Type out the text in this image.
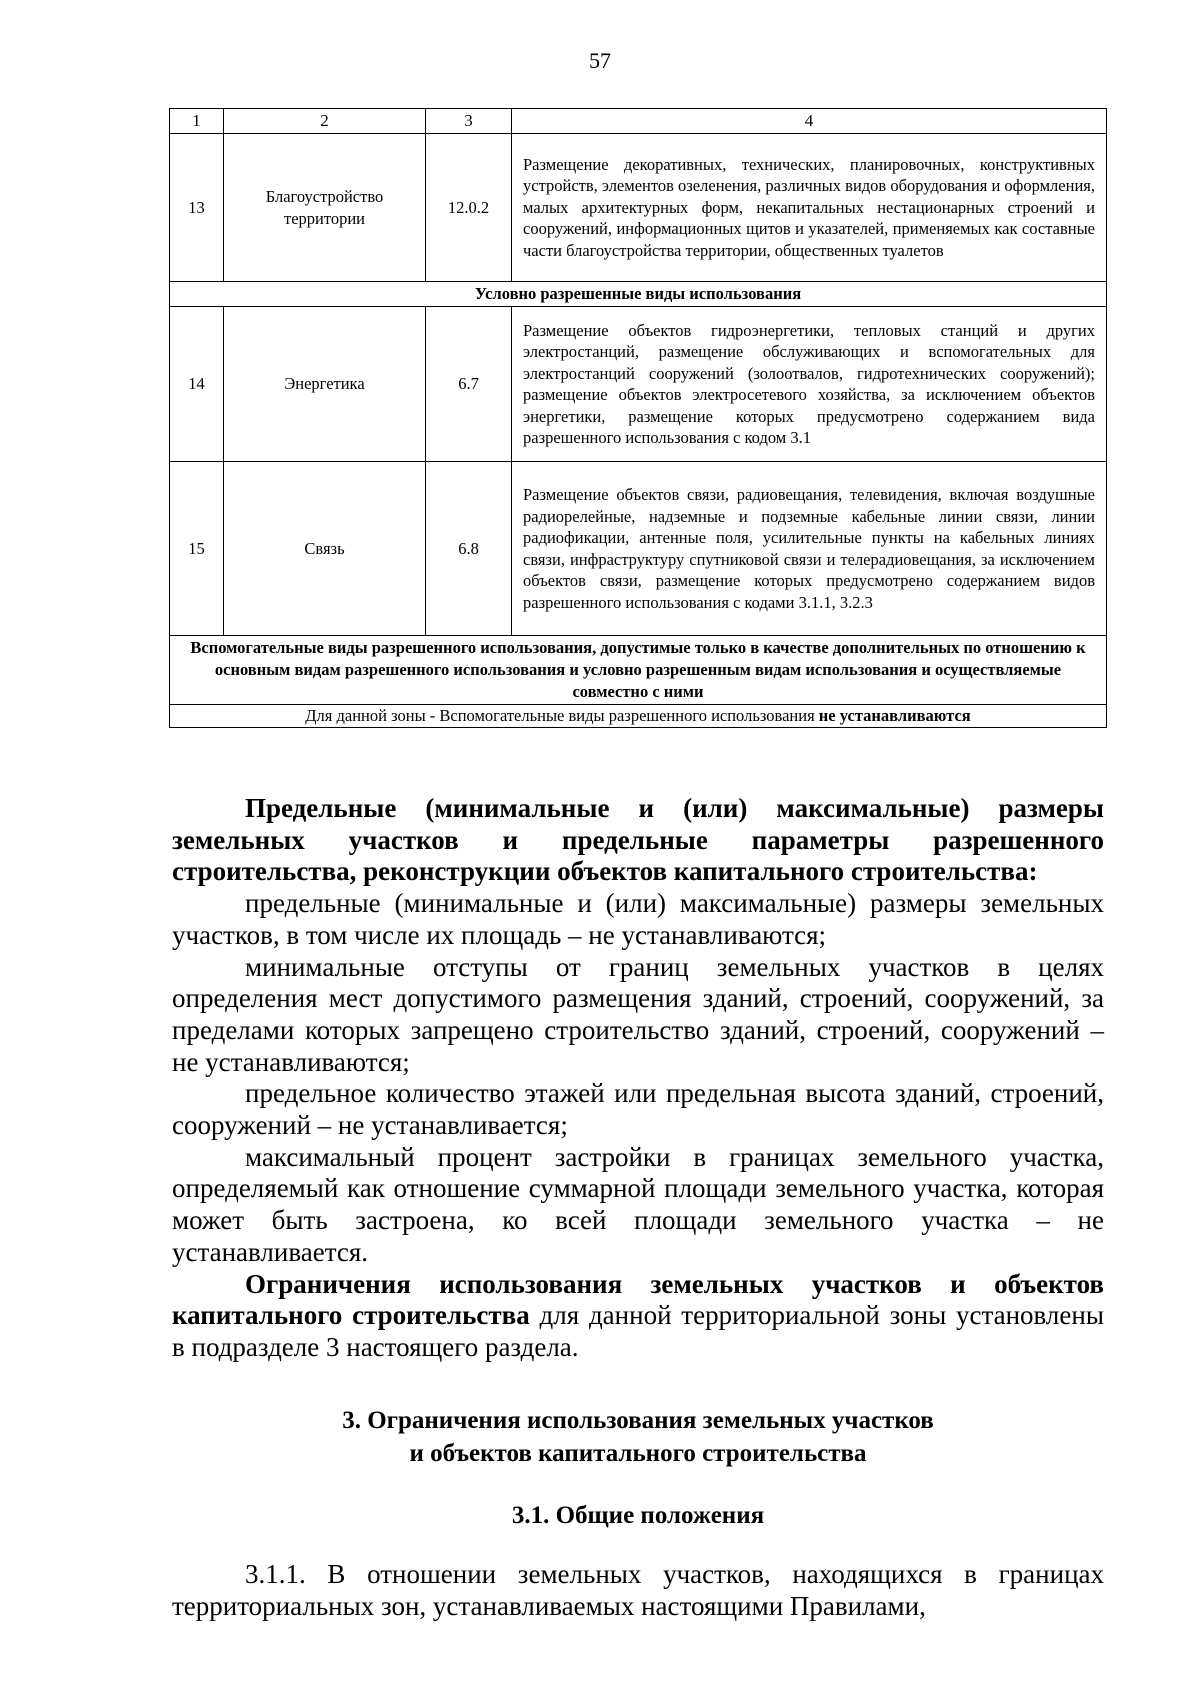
57
1	2	3	4
13	Благоустройство территории	12.0.2	Размещение декоративных, технических, планировочных, конструктивных устройств, элементов озеленения, различных видов оборудования и оформления, малых архитектурных форм, некапитальных нестационарных строений и сооружений, информационных щитов и указателей, применяемых как составные части благоустройства территории, общественных туалетов
Условно разрешенные виды использования			
14	Энергетика	6.7	Размещение объектов гидроэнергетики, тепловых станций и других электростанций, размещение обслуживающих и вспомогательных для электростанций сооружений (золоотвалов, гидротехнических сооружений); размещение объектов электросетевого хозяйства, за исключением объектов энергетики, размещение которых предусмотрено содержанием вида разрешенного использования с кодом 3.1
15	Связь	6.8	Размещение объектов связи, радиовещания, телевидения, включая воздушные радиорелейные, надземные и подземные кабельные линии связи, линии радиофикации, антенные поля, усилительные пункты на кабельных линиях связи, инфраструктуру спутниковой связи и телерадиовещания, за исключением объектов связи, размещение которых предусмотрено содержанием видов разрешенного использования с кодами 3.1.1, 3.2.3
Вспомогательные виды разрешенного использования, допустимые только в качестве дополнительных по отношению к основным видам разрешенного использования и условно разрешенным видам использования и осуществляемые совместно с ними			
Для данной зоны - Вспомогательные виды разрешенного использования не устанавливаются			

Предельные (минимальные и (или) максимальные) размеры земельных участков и предельные параметры разрешенного строительства, реконструкции объектов капитального строительства:

предельные (минимальные и (или) максимальные) размеры земельных участков, в том числе их площадь – не устанавливаются;

минимальные отступы от границ земельных участков в целях определения мест допустимого размещения зданий, строений, сооружений, за пределами которых запрещено строительство зданий, строений, сооружений – не устанавливаются;

предельное количество этажей или предельная высота зданий, строений, сооружений – не устанавливается;

максимальный процент застройки в границах земельного участка, определяемый как отношение суммарной площади земельного участка, которая может быть застроена, ко всей площади земельного участка – не устанавливается.

Ограничения использования земельных участков и объектов капитального строительства для данной территориальной зоны установлены в подразделе 3 настоящего раздела.

3. Ограничения использования земельных участков
и объектов капитального строительства

3.1. Общие положения

3.1.1. В отношении земельных участков, находящихся в границах территориальных зон, устанавливаемых настоящими Правилами,
